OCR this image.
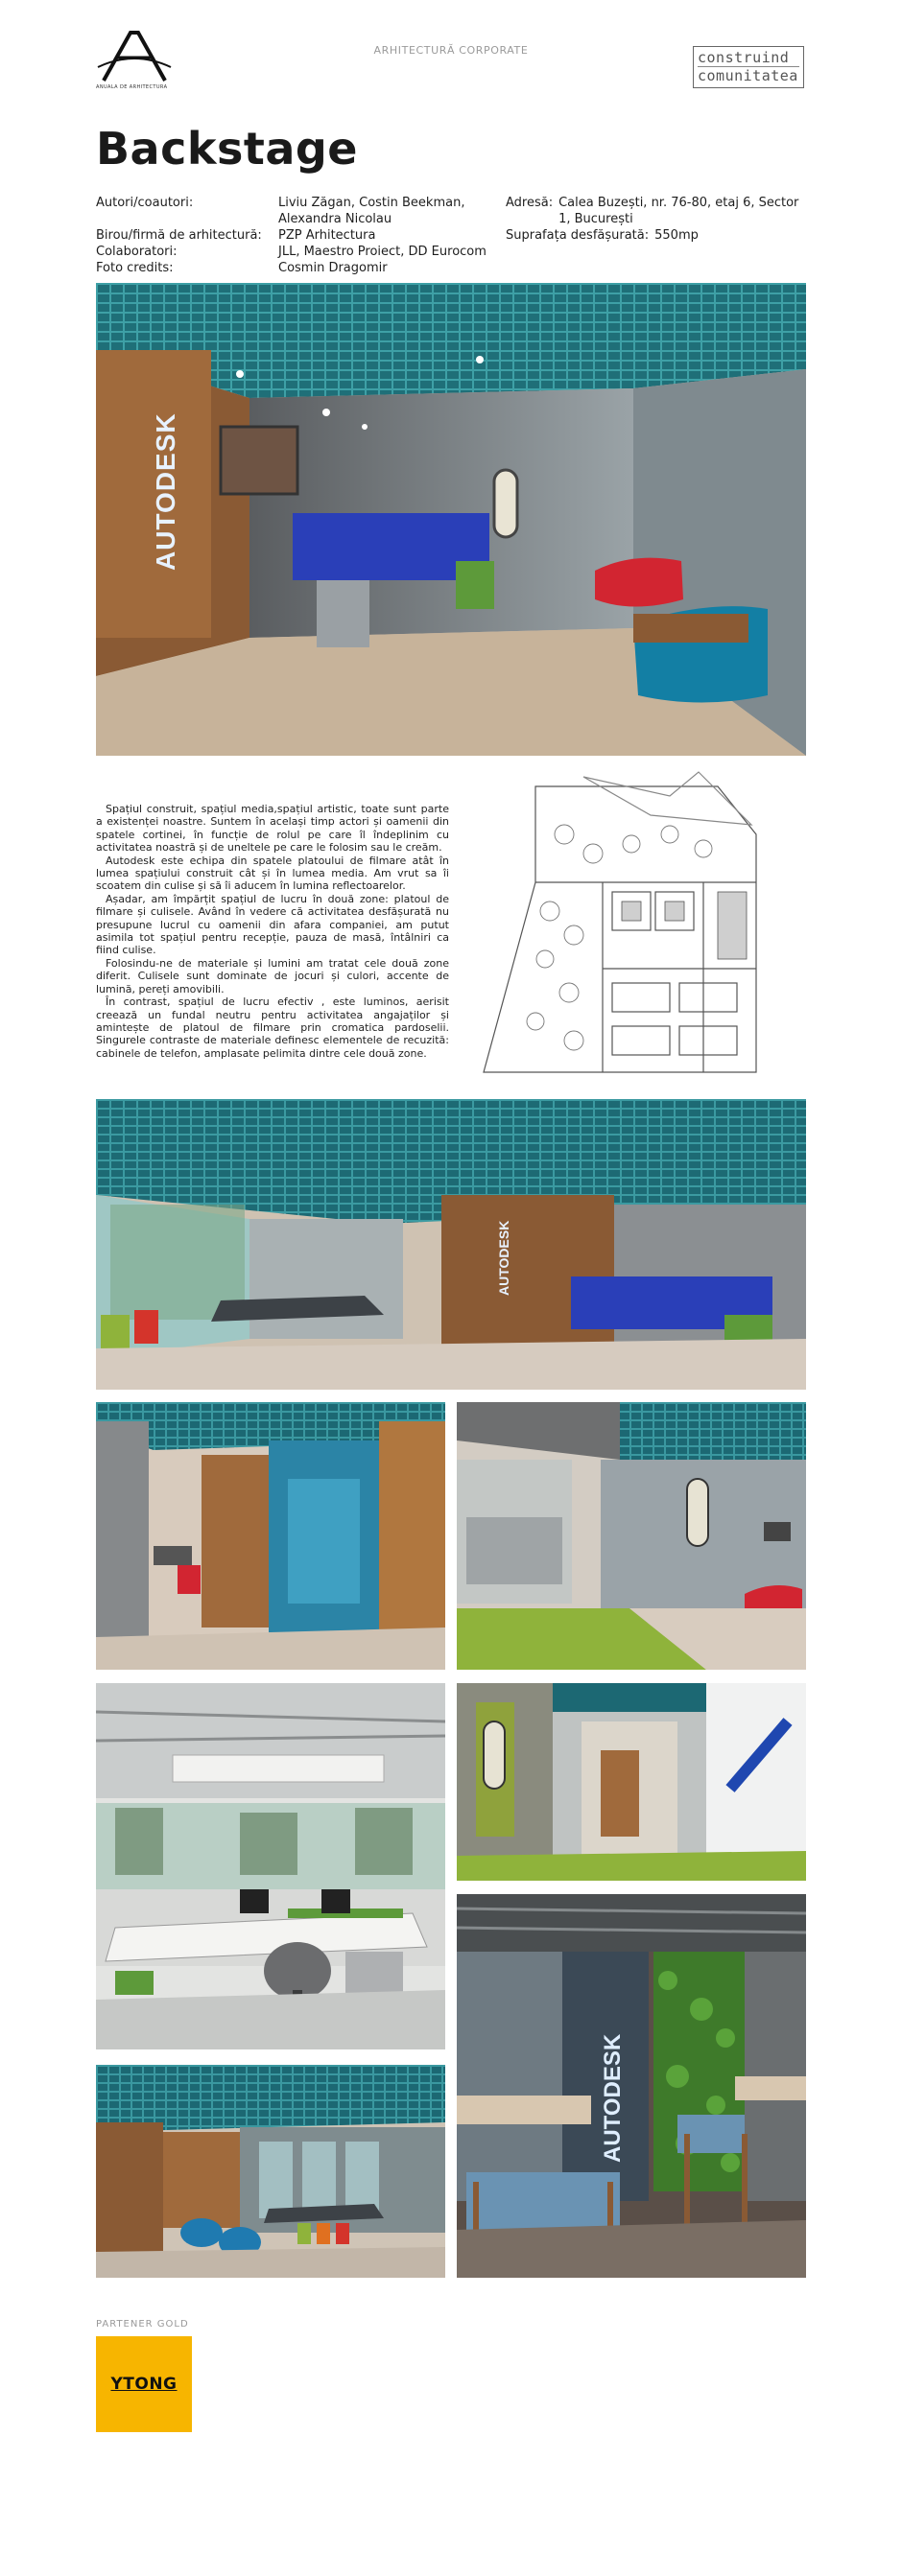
ANUALA DE ARHITECTURA
ARHITECTURĂ CORPORATE	construind
comunitatea
Backstage
Autori/coautori:	Liviu Zăgan, Costin Beekman, Alexandra Nicolau
Birou/firmă de arhitectură:	PZP Arhitectura
Colaboratori:	JLL, Maestro Proiect, DD Eurocom
Foto credits:	Cosmin Dragomir
Adresă: Calea Buzești, nr. 76-80, etaj 6, Sector 1, București
Suprafața desfășurată: 550mp
AUTODESK

Spațiul construit, spațiul media,spațiul artistic, toate sunt parte a existenței noastre. Suntem în același timp actori și oamenii din spatele cortinei, în funcție de rolul pe care îl îndeplinim cu activitatea noastră și de uneltele pe care le folosim sau le creăm.

Autodesk este echipa din spatele platoului de filmare atât în lumea spațiului construit cât și în lumea media. Am vrut sa îi scoatem din culise și să îi aducem în lumina reflectoarelor.

Așadar, am împărțit spațiul de lucru în două zone: platoul de filmare și culisele. Având în vedere că activitatea desfășurată nu presupune lucrul cu oamenii din afara companiei, am putut asimila tot spațiul pentru recepție, pauza de masă, întâlniri ca fiind culise.

Folosindu-ne de materiale și lumini am tratat cele două zone diferit. Culisele sunt dominate de jocuri și culori, accente de lumină, pereți amovibili.

În contrast, spațiul de lucru efectiv , este luminos, aerisit creează un fundal neutru pentru activitatea angajaților și amintește de platoul de filmare prin cromatica pardoselii. Singurele contraste de materiale definesc elementele de recuzită: cabinele de telefon, amplasate pelimita dintre cele două zone.

AUTODESK
AUTODESK
PARTENER GOLD
YTONG
